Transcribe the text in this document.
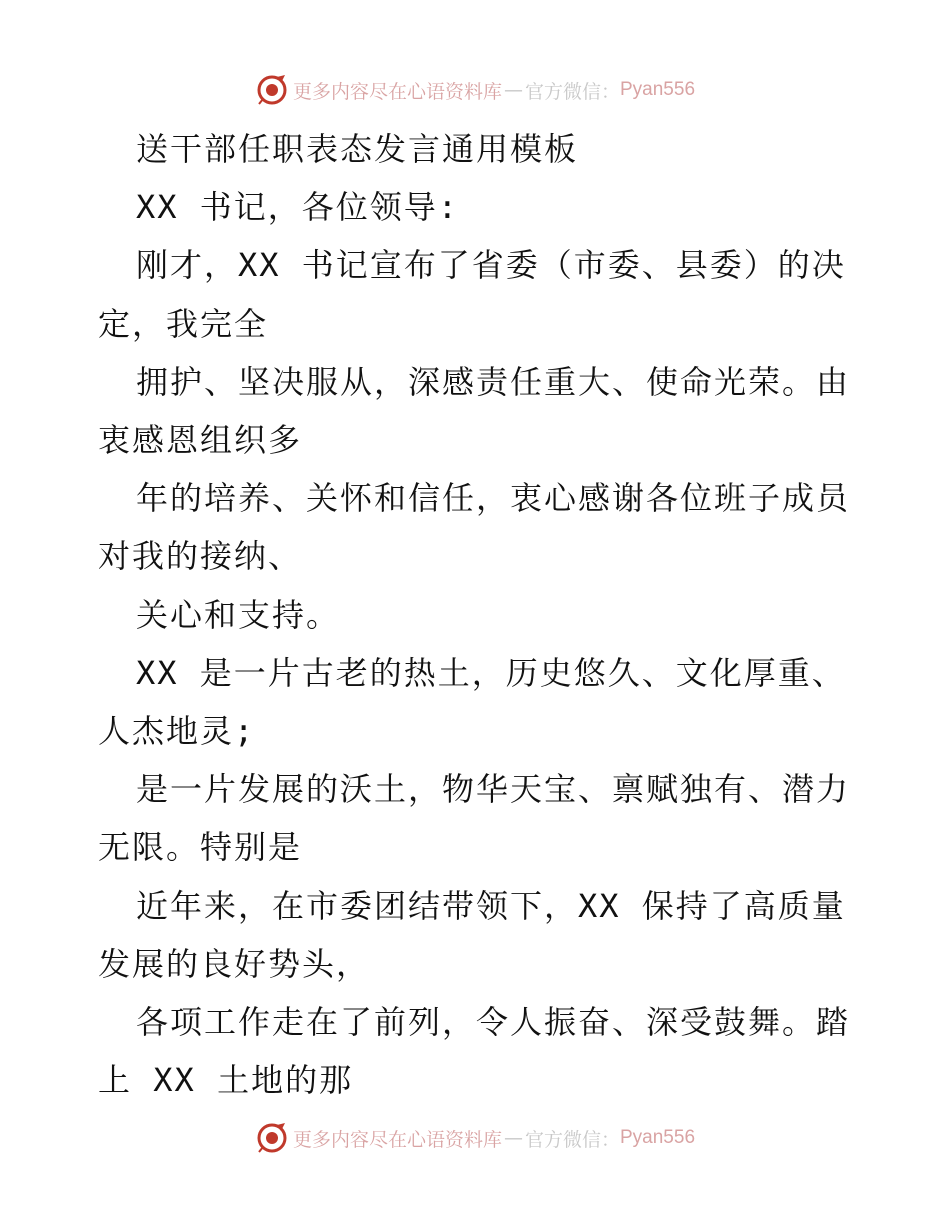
更多内容尽在心语资料库 — 官方微信： Pyan556
送干部任职表态发言通用模板
XX 书记，各位领导:
刚才，XX 书记宣布了省委（市委、县委）的决
定，我完全
拥护、坚决服从，深感责任重大、使命光荣。由
衷感恩组织多
年的培养、关怀和信任，衷心感谢各位班子成员
对我的接纳、
关心和支持。
XX 是一片古老的热土，历史悠久、文化厚重、
人杰地灵;
是一片发展的沃土，物华天宝、禀赋独有、潜力
无限。特别是
近年来，在市委团结带领下，XX 保持了高质量
发展的良好势头，
各项工作走在了前列，令人振奋、深受鼓舞。踏
上 XX 土地的那
更多内容尽在心语资料库 — 官方微信： Pyan556
